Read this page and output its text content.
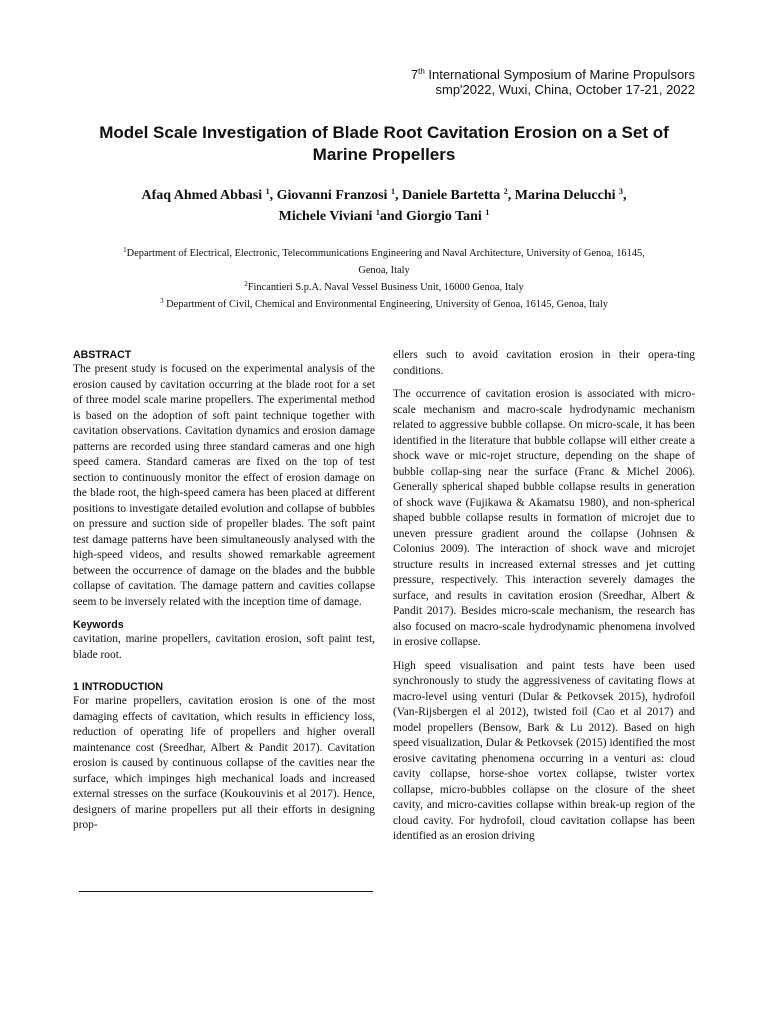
7th International Symposium of Marine Propulsors
smp'2022, Wuxi, China, October 17-21, 2022
Model Scale Investigation of Blade Root Cavitation Erosion on a Set of
Marine Propellers
Afaq Ahmed Abbasi $^1$, Giovanni Franzosi $^1$, Daniele Bartetta $^2$, Marina Delucchi $^3$,
Michele Viviani $^1$and Giorgio Tani $^1$
$^1$Department of Electrical, Electronic, Telecommunications Engineering and Naval Architecture, University of Genoa, 16145,
Genoa, Italy
$^2$Fincantieri S.p.A. Naval Vessel Business Unit, 16000 Genoa, Italy
$^3$ Department of Civil, Chemical and Environmental Engineering, University of Genoa, 16145, Genoa, Italy
ABSTRACT

The present study is focused on the experimental analysis of the erosion caused by cavitation occurring at the blade root for a set of three model scale marine propellers. The experimental method is based on the adoption of soft paint technique together with cavitation observations. Cavitation dynamics and erosion damage patterns are recorded using three standard cameras and one high speed camera. Standard cameras are fixed on the top of test section to continuously monitor the effect of erosion damage on the blade root, the high-speed camera has been placed at different positions to investigate detailed evolution and collapse of bubbles on pressure and suction side of propeller blades. The soft paint test damage patterns have been simultaneously analysed with the high-speed videos, and results showed remarkable agreement between the occurrence of damage on the blades and the bubble collapse of cavitation. The damage pattern and cavities collapse seem to be inversely related with the inception time of damage.

Keywords

cavitation, marine propellers, cavitation erosion, soft paint test, blade root.

1 INTRODUCTION

For marine propellers, cavitation erosion is one of the most damaging effects of cavitation, which results in efficiency loss, reduction of operating life of propellers and higher overall maintenance cost (Sreedhar, Albert & Pandit 2017). Cavitation erosion is caused by continuous collapse of the cavities near the surface, which impinges high mechanical loads and increased external stresses on the surface (Koukouvinis et al 2017). Hence, designers of marine propellers put all their efforts in designing prop-

ellers such to avoid cavitation erosion in their opera-ting conditions.

The occurrence of cavitation erosion is associated with micro-scale mechanism and macro-scale hydrodynamic mechanism related to aggressive bubble collapse. On micro-scale, it has been identified in the literature that bubble collapse will either create a shock wave or mic-rojet structure, depending on the shape of bubble collap-sing near the surface (Franc & Michel 2006). Generally spherical shaped bubble collapse results in generation of shock wave (Fujikawa & Akamatsu 1980), and non-spherical shaped bubble collapse results in formation of microjet due to uneven pressure gradient around the collapse (Johnsen & Colonius 2009). The interaction of shock wave and microjet structure results in increased external stresses and jet cutting pressure, respectively. This interaction severely damages the surface, and results in cavitation erosion (Sreedhar, Albert & Pandit 2017). Besides micro-scale mechanism, the research has also focused on macro-scale hydrodynamic phenomena involved in erosive collapse.

High speed visualisation and paint tests have been used synchronously to study the aggressiveness of cavitating flows at macro-level using venturi (Dular & Petkovsek 2015), hydrofoil (Van-Rijsbergen el al 2012), twisted foil (Cao et al 2017) and model propellers (Bensow, Bark & Lu 2012). Based on high speed visualization, Dular & Petkovsek (2015) identified the most erosive cavitating phenomena occurring in a venturi as: cloud cavity collapse, horse-shoe vortex collapse, twister vortex collapse, micro-bubbles collapse on the closure of the sheet cavity, and micro-cavities collapse within break-up region of the cloud cavity. For hydrofoil, cloud cavitation collapse has been identified as an erosion driving
